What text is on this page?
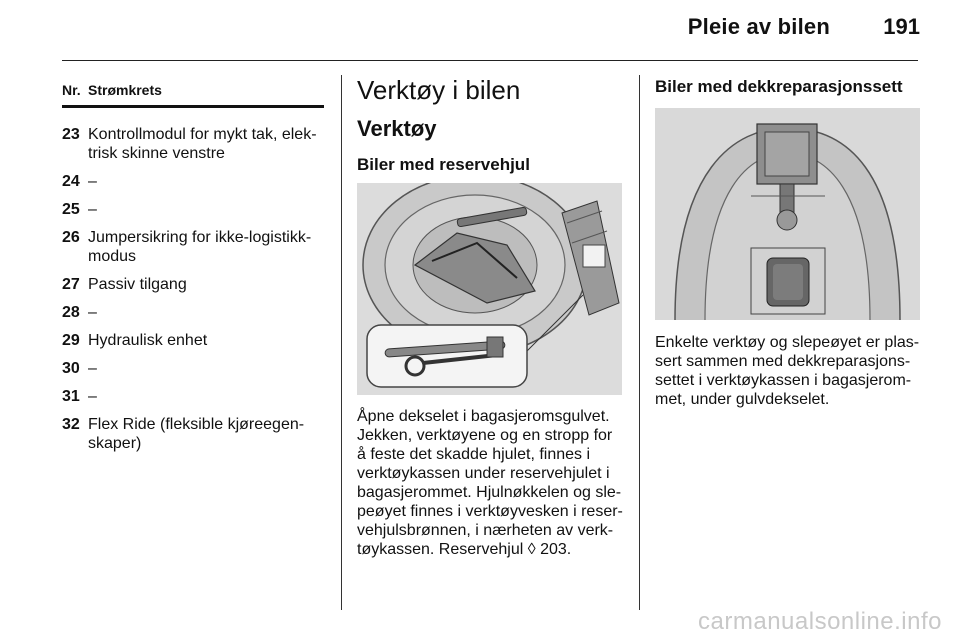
Pleie av bilen 191
Nr. Strømkrets
23 Kontrollmodul for mykt tak, elek-trisk skinne venstre
24 –
25 –
26 Jumpersikring for ikke-logistikk-modus
27 Passiv tilgang
28 –
29 Hydraulisk enhet
30 –
31 –
32 Flex Ride (fleksible kjøreegen-skaper)
Verktøy i bilen
Verktøy
Biler med reservehjul
Åpne dekselet i bagasjeromsgulvet. Jekken, verktøyene og en stropp for å feste det skadde hjulet, finnes i verktøykassen under reservehjulet i bagasjerommet. Hjulnøkkelen og sle-peøyet finnes i verktøyvesken i reser-vehjulsbrønnen, i nærheten av verk-tøykassen. Reservehjul ◊ 203.
Biler med dekkreparasjonssett
Enkelte verktøy og slepeøyet er plas-sert sammen med dekkreparasjons-settet i verktøykassen i bagasjerom-met, under gulvdekselet.
carmanualsonline.info
